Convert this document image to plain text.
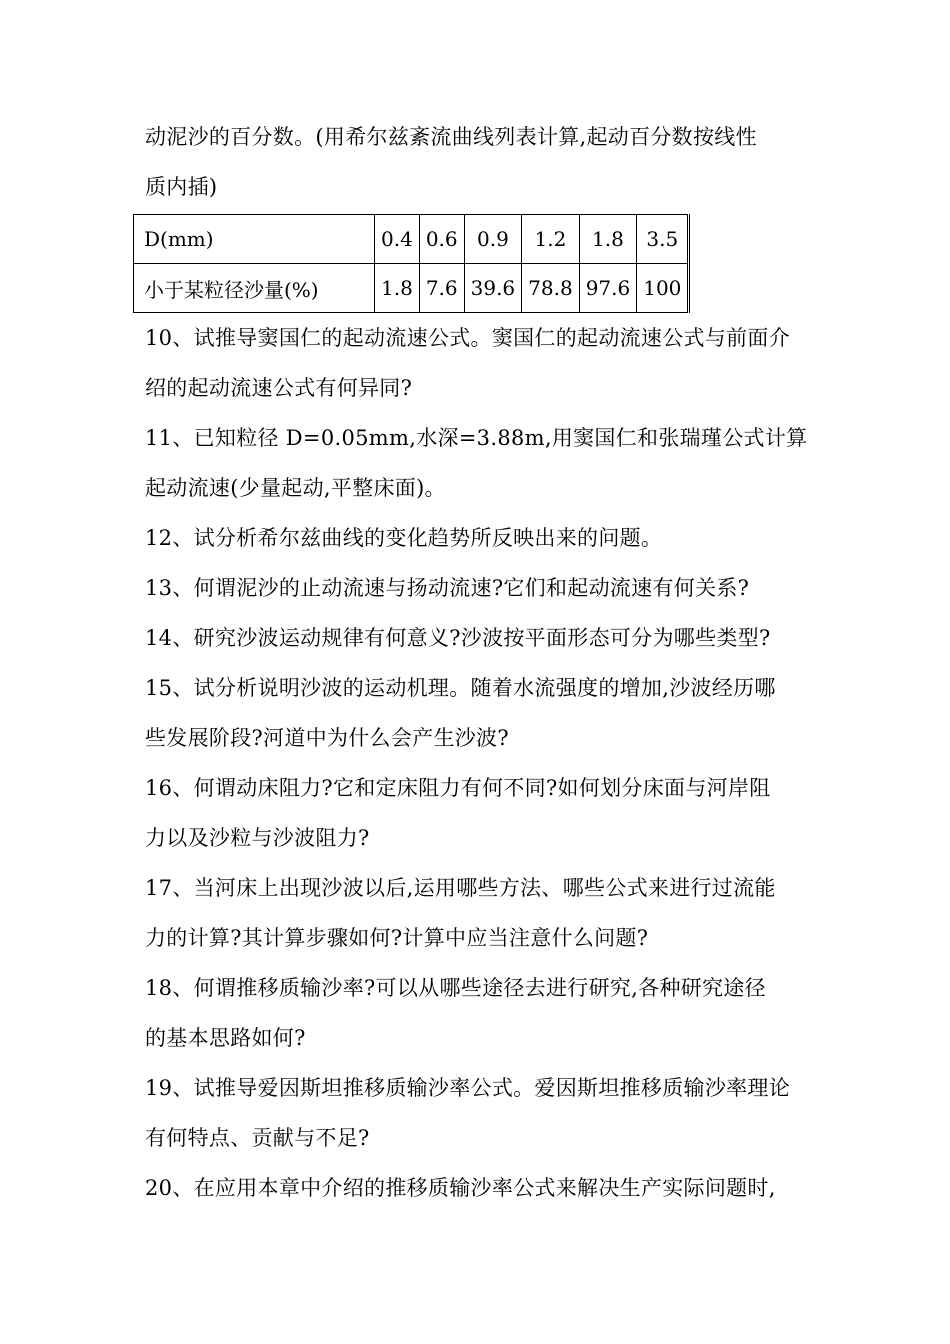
动泥沙的百分数。(用希尔兹紊流曲线列表计算,起动百分数按线性
质内插)
D(mm)	0.4	0.6	0.9	1.2	1.8	3.5
小于某粒径沙量(%)	1.8	7.6	39.6	78.8	97.6	100
10、试推导窦国仁的起动流速公式。窦国仁的起动流速公式与前面介
绍的起动流速公式有何异同?
11、已知粒径 D=0.05mm,水深=3.88m,用窦国仁和张瑞瑾公式计算
起动流速(少量起动,平整床面)。
12、试分析希尔兹曲线的变化趋势所反映出来的问题。
13、何谓泥沙的止动流速与扬动流速?它们和起动流速有何关系?
14、研究沙波运动规律有何意义?沙波按平面形态可分为哪些类型?
15、试分析说明沙波的运动机理。随着水流强度的增加,沙波经历哪
些发展阶段?河道中为什么会产生沙波?
16、何谓动床阻力?它和定床阻力有何不同?如何划分床面与河岸阻
力以及沙粒与沙波阻力?
17、当河床上出现沙波以后,运用哪些方法、哪些公式来进行过流能
力的计算?其计算步骤如何?计算中应当注意什么问题?
18、何谓推移质输沙率?可以从哪些途径去进行研究,各种研究途径
的基本思路如何?
19、试推导爱因斯坦推移质输沙率公式。爱因斯坦推移质输沙率理论
有何特点、贡献与不足?
20、在应用本章中介绍的推移质输沙率公式来解决生产实际问题时,
